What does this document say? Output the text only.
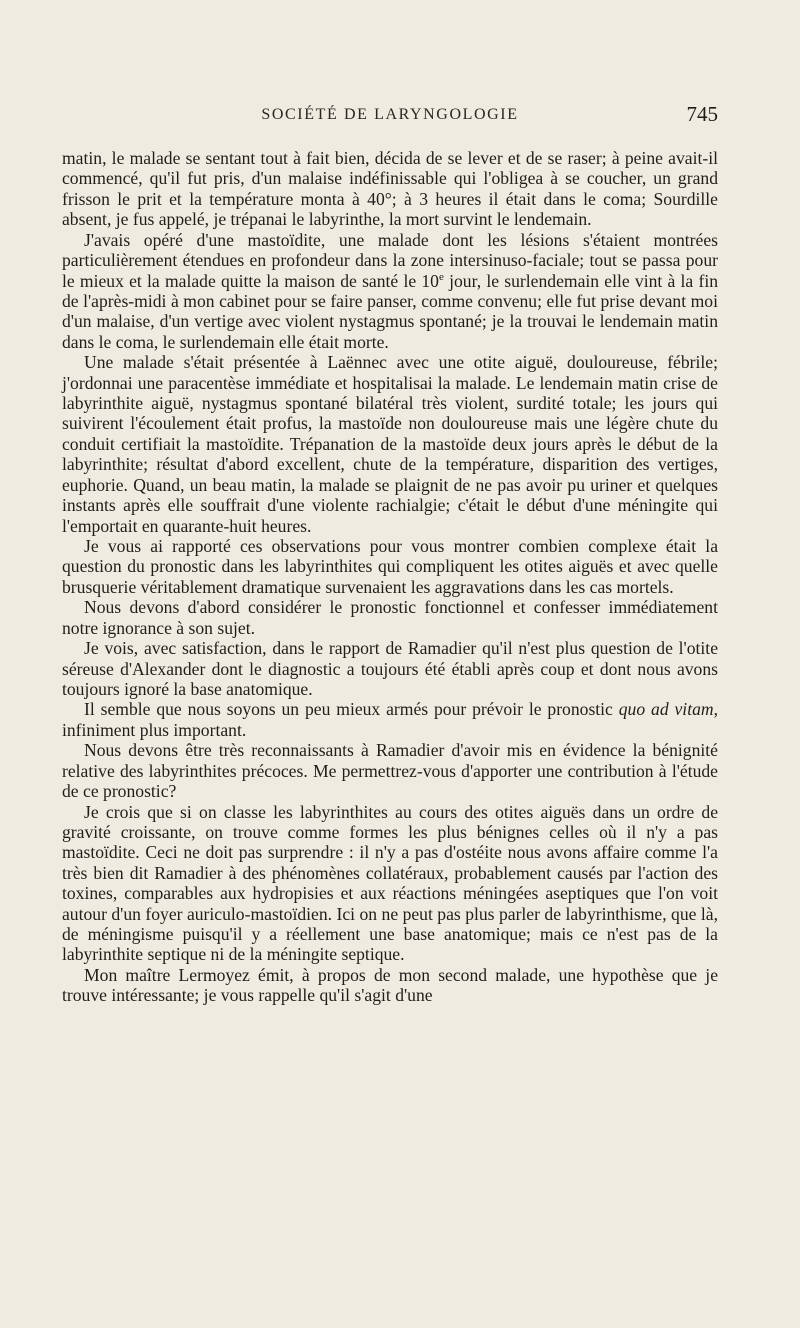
SOCIÉTÉ DE LARYNGOLOGIE	745

matin, le malade se sentant tout à fait bien, décida de se lever et de se raser; à peine avait-il commencé, qu'il fut pris, d'un malaise indéfinissable qui l'obligea à se coucher, un grand frisson le prit et la température monta à 40°; à 3 heures il était dans le coma; Sourdille absent, je fus appelé, je trépanai le labyrinthe, la mort survint le lendemain.

J'avais opéré d'une mastoïdite, une malade dont les lésions s'étaient montrées particulièrement étendues en profondeur dans la zone intersinuso-faciale; tout se passa pour le mieux et la malade quitte la maison de santé le 10e jour, le surlendemain elle vint à la fin de l'après-midi à mon cabinet pour se faire panser, comme convenu; elle fut prise devant moi d'un malaise, d'un vertige avec violent nystagmus spontané; je la trouvai le lendemain matin dans le coma, le surlendemain elle était morte.

Une malade s'était présentée à Laënnec avec une otite aiguë, douloureuse, fébrile; j'ordonnai une paracentèse immédiate et hospitalisai la malade. Le lendemain matin crise de labyrinthite aiguë, nystagmus spontané bilatéral très violent, surdité totale; les jours qui suivirent l'écoulement était profus, la mastoïde non douloureuse mais une légère chute du conduit certifiait la mastoïdite. Trépanation de la mastoïde deux jours après le début de la labyrinthite; résultat d'abord excellent, chute de la température, disparition des vertiges, euphorie. Quand, un beau matin, la malade se plaignit de ne pas avoir pu uriner et quelques instants après elle souffrait d'une violente rachialgie; c'était le début d'une méningite qui l'emportait en quarante-huit heures.

Je vous ai rapporté ces observations pour vous montrer combien complexe était la question du pronostic dans les labyrinthites qui compliquent les otites aiguës et avec quelle brusquerie véritablement dramatique survenaient les aggravations dans les cas mortels.

Nous devons d'abord considérer le pronostic fonctionnel et confesser immédiatement notre ignorance à son sujet.

Je vois, avec satisfaction, dans le rapport de Ramadier qu'il n'est plus question de l'otite séreuse d'Alexander dont le diagnostic a toujours été établi après coup et dont nous avons toujours ignoré la base anatomique.

Il semble que nous soyons un peu mieux armés pour prévoir le pronostic quo ad vitam, infiniment plus important.

Nous devons être très reconnaissants à Ramadier d'avoir mis en évidence la bénignité relative des labyrinthites précoces. Me permettrez-vous d'apporter une contribution à l'étude de ce pronostic?

Je crois que si on classe les labyrinthites au cours des otites aiguës dans un ordre de gravité croissante, on trouve comme formes les plus bénignes celles où il n'y a pas mastoïdite. Ceci ne doit pas surprendre : il n'y a pas d'ostéite nous avons affaire comme l'a très bien dit Ramadier à des phénomènes collatéraux, probablement causés par l'action des toxines, comparables aux hydropisies et aux réactions méningées aseptiques que l'on voit autour d'un foyer auriculo-mastoïdien. Ici on ne peut pas plus parler de labyrinthisme, que là, de méningisme puisqu'il y a réellement une base anatomique; mais ce n'est pas de la labyrinthite septique ni de la méningite septique.

Mon maître Lermoyez émit, à propos de mon second malade, une hypothèse que je trouve intéressante; je vous rappelle qu'il s'agit d'une
